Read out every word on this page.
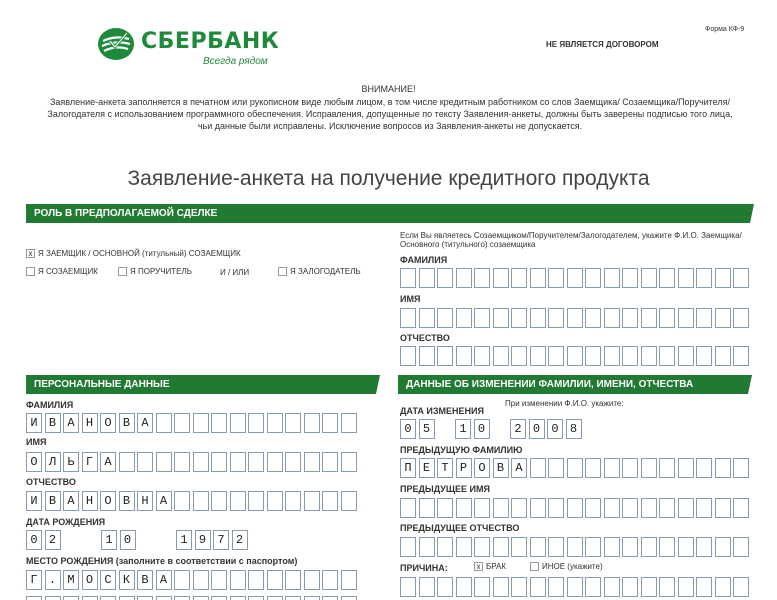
СБЕРБАНК
Всегда рядом
Форма КФ-9
НЕ ЯВЛЯЕТСЯ ДОГОВОРОМ
ВНИМАНИЕ!
Заявление-анкета заполняется в печатном или рукописном виде любым лицом, в том числе кредитным работником со слов Заемщика/ Созаемщика/Поручителя/Залогодателя с использованием программного обеспечения. Исправления, допущенные по тексту Заявления-анкеты, должны быть заверены подписью того лица, чьи данные были исправлены. Исключение вопросов из Заявления-анкеты не допускается.
Заявление-анкета на получение кредитного продукта
РОЛЬ В ПРЕДПОЛАГАЕМОЙ СДЕЛКЕ
x Я ЗАЕМЩИК / ОСНОВНОЙ (титульный) СОЗАЕМЩИК
Я СОЗАЕМЩИК	Я ПОРУЧИТЕЛЬ	И / ИЛИ	Я ЗАЛОГОДАТЕЛЬ
Если Вы являетесь Созаемщиком/Поручителем/Залогодателем, укажите Ф.И.О. Заемщика/Основного (титульного) созаемщика
ФАМИЛИЯ
ИМЯ
ОТЧЕСТВО
ПЕРСОНАЛЬНЫЕ ДАННЫЕ
ФАМИЛИЯ
И В А Н О В А
ИМЯ
О Л Ь Г А
ОТЧЕСТВО
И В А Н О В Н А
ДАТА РОЖДЕНИЯ
0 2	1 0	1 9 7 2
МЕСТО РОЖДЕНИЯ (заполните в соответствии с паспортом)
Г . М О С К В А
ДАННЫЕ ОБ ИЗМЕНЕНИИ ФАМИЛИИ, ИМЕНИ, ОТЧЕСТВА
ДАТА ИЗМЕНЕНИЯ
При изменении Ф.И.О. укажите:
0 5	1 0	2 0 0 8
ПРЕДЫДУЩУЮ ФАМИЛИЮ
П Е Т Р О В А
ПРЕДЫДУЩЕЕ ИМЯ
ПРЕДЫДУЩЕЕ ОТЧЕСТВО
ПРИЧИНА:	x БРАК	ИНОЕ (укажите)
